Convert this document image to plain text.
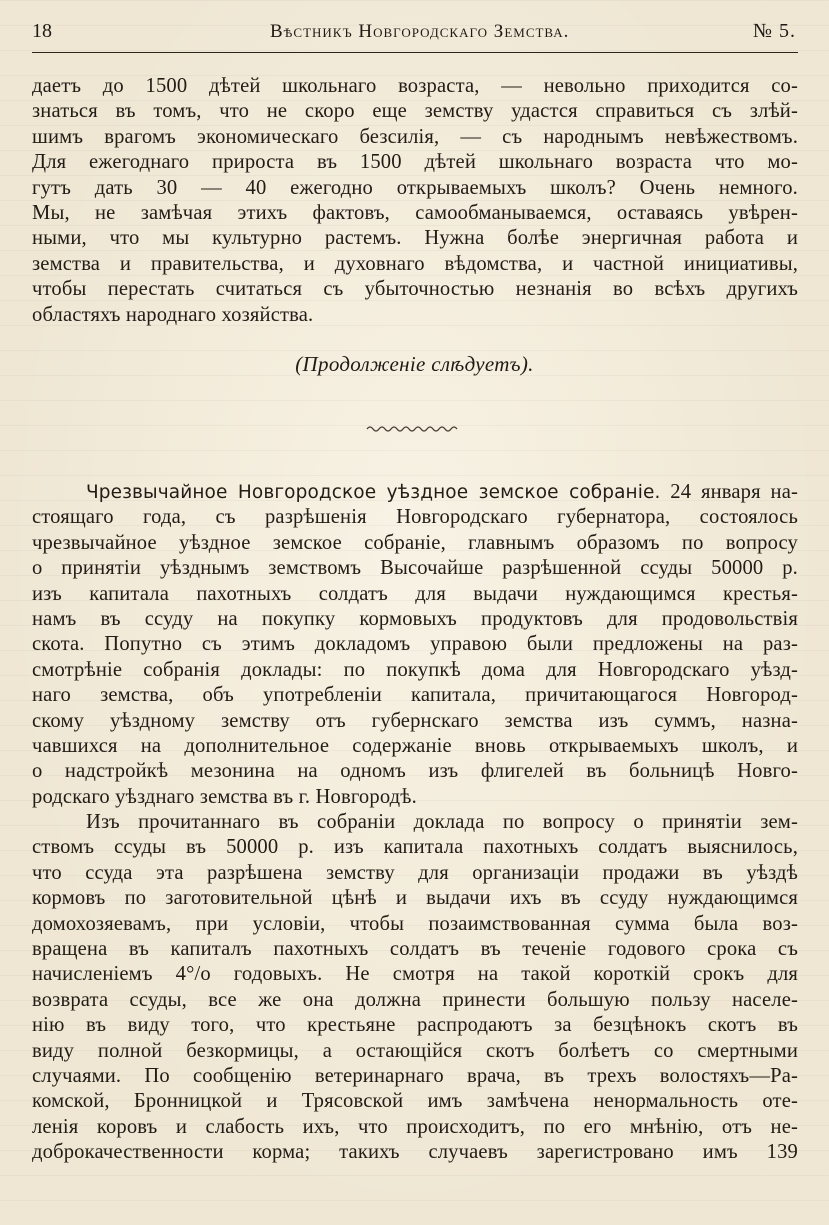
18	Вѣстникъ Новгородскаго Земства.	№ 5.
даетъ до 1500 дѣтей школьнаго возраста, — невольно приходится со-
знаться въ томъ, что не скоро еще земству удастся справиться съ злѣй-
шимъ врагомъ экономическаго безсилія, — съ народнымъ невѣжествомъ.
Для ежегоднаго прироста въ 1500 дѣтей школьнаго возраста что мо-
гутъ дать 30 — 40 ежегодно открываемыхъ школъ? Очень немного.
Мы, не замѣчая этихъ фактовъ, самообманываемся, оставаясь увѣрен-
ными, что мы культурно растемъ. Нужна болѣе энергичная работа и
земства и правительства, и духовнаго вѣдомства, и частной инициативы,
чтобы перестать считаться съ убыточностью незнанія во всѣхъ другихъ
областяхъ народнаго хозяйства.
(Продолженіе слѣдуетъ).
Чрезвычайное Новгородское уѣздное земское собраніе. 24 января на-
стоящаго года, съ разрѣшенія Новгородскаго губернатора, состоялось
чрезвычайное уѣздное земское собраніе, главнымъ образомъ по вопросу
о принятіи уѣзднымъ земствомъ Высочайше разрѣшенной ссуды 50000 р.
изъ капитала пахотныхъ солдатъ для выдачи нуждающимся крестья-
намъ въ ссуду на покупку кормовыхъ продуктовъ для продовольствія
скота. Попутно съ этимъ докладомъ управою были предложены на раз-
смотрѣніе собранія доклады: по покупкѣ дома для Новгородскаго уѣзд-
наго земства, объ употребленіи капитала, причитающагося Новгород-
скому уѣздному земству отъ губернскаго земства изъ суммъ, назна-
чавшихся на дополнительное содержаніе вновь открываемыхъ школъ, и
о надстройкѣ мезонина на одномъ изъ флигелей въ больницѣ Новго-
родскаго уѣзднаго земства въ г. Новгородѣ.
Изъ прочитаннаго въ собраніи доклада по вопросу о принятіи зем-
ствомъ ссуды въ 50000 р. изъ капитала пахотныхъ солдатъ выяснилось,
что ссуда эта разрѣшена земству для организаціи продажи въ уѣздѣ
кормовъ по заготовительной цѣнѣ и выдачи ихъ въ ссуду нуждающимся
домохозяевамъ, при условіи, чтобы позаимствованная сумма была воз-
вращена въ капиталъ пахотныхъ солдатъ въ теченіе годового срока съ
начисленіемъ 4°/о годовыхъ. Не смотря на такой короткій срокъ для
возврата ссуды, все же она должна принести большую пользу населе-
нію въ виду того, что крестьяне распродаютъ за безцѣнокъ скотъ въ
виду полной безкормицы, а остающійся скотъ болѣетъ со смертными
случаями. По сообщенію ветеринарнаго врача, въ трехъ волостяхъ—Ра-
комской, Бронницкой и Трясовской имъ замѣчена ненормальность оте-
ленія коровъ и слабость ихъ, что происходитъ, по его мнѣнію, отъ не-
доброкачественности корма; такихъ случаевъ зарегистровано имъ 139
